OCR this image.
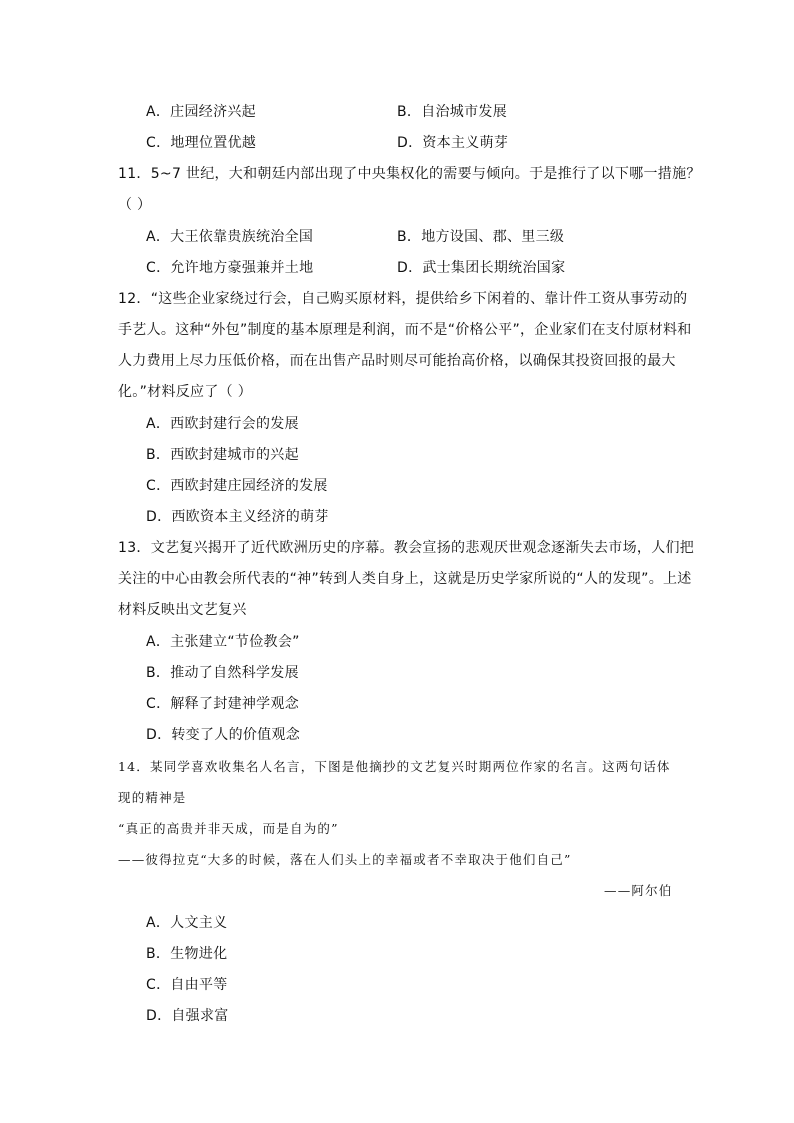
A．庄园经济兴起	B．自治城市发展
C．地理位置优越	D．资本主义萌芽
11．5~7 世纪，大和朝廷内部出现了中央集权化的需要与倾向。于是推行了以下哪一措施？
（ ）
A．大王依靠贵族统治全国	B．地方设国、郡、里三级
C．允许地方豪强兼并土地	D．武士集团长期统治国家
12．“这些企业家绕过行会，自己购买原材料，提供给乡下闲着的、靠计件工资从事劳动的
手艺人。这种“外包”制度的基本原理是利润，而不是“价格公平”，企业家们在支付原材料和
人力费用上尽力压低价格，而在出售产品时则尽可能抬高价格，以确保其投资回报的最大
化。”材料反应了（ ）
A．西欧封建行会的发展
B．西欧封建城市的兴起
C．西欧封建庄园经济的发展
D．西欧资本主义经济的萌芽
13．文艺复兴揭开了近代欧洲历史的序幕。教会宣扬的悲观厌世观念逐渐失去市场，人们把
关注的中心由教会所代表的“神”转到人类自身上，这就是历史学家所说的“人的发现”。上述
材料反映出文艺复兴
A．主张建立“节俭教会”
B．推动了自然科学发展
C．解释了封建神学观念
D．转变了人的价值观念
14．某同学喜欢收集名人名言，下图是他摘抄的文艺复兴时期两位作家的名言。这两句话体
现的精神是
“真正的高贵并非天成，而是自为的”
——彼得拉克“大多的时候，落在人们头上的幸福或者不幸取决于他们自己”
——阿尔伯
A．人文主义
B．生物进化
C．自由平等
D．自强求富
